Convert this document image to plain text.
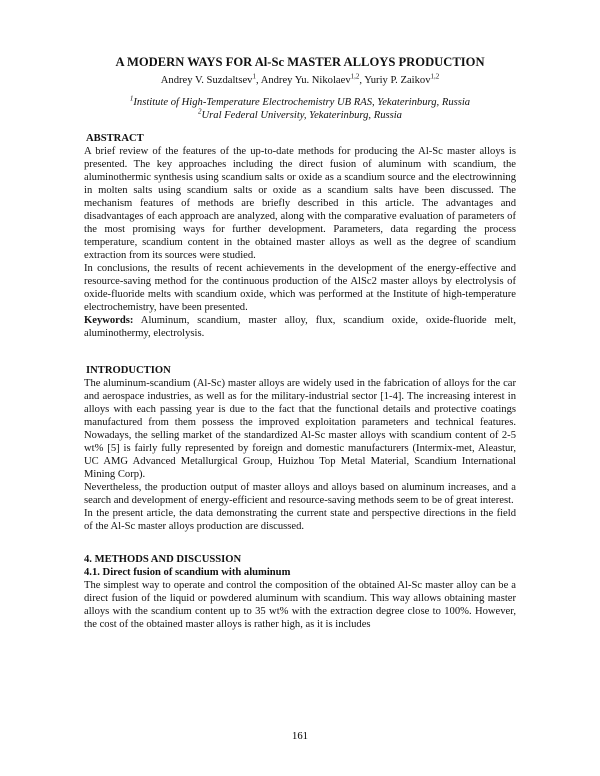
A MODERN WAYS FOR Al-Sc MASTER ALLOYS PRODUCTION
Andrey V. Suzdaltsev$^1$, Andrey Yu. Nikolaev$^{1,2}$, Yuriy P. Zaikov$^{1,2}$
$^1$Institute of High-Temperature Electrochemistry UB RAS, Yekaterinburg, Russia
$^2$Ural Federal University, Yekaterinburg, Russia
ABSTRACT

A brief review of the features of the up-to-date methods for producing the Al-Sc master alloys is presented. The key approaches including the direct fusion of aluminum with scandium, the aluminothermic synthesis using scandium salts or oxide as a scandium source and the electrowinning in molten salts using scandium salts or oxide as a scandium salts have been discussed. The mechanism features of methods are briefly described in this article. The advantages and disadvantages of each approach are analyzed, along with the comparative evaluation of parameters of the most promising ways for further development. Parameters, data regarding the process temperature, scandium content in the obtained master alloys as well as the degree of scandium extraction from its sources were studied.

In conclusions, the results of recent achievements in the development of the energy-effective and resource-saving method for the continuous production of the AlSc2 master alloys by electrolysis of oxide-fluoride melts with scandium oxide, which was performed at the Institute of high-temperature electrochemistry, have been presented.

Keywords: Aluminum, scandium, master alloy, flux, scandium oxide, oxide-fluoride melt, aluminothermy, electrolysis.

INTRODUCTION

The aluminum-scandium (Al-Sc) master alloys are widely used in the fabrication of alloys for the car and aerospace industries, as well as for the military-industrial sector [1-4]. The increasing interest in alloys with each passing year is due to the fact that the functional details and protective coatings manufactured from them possess the improved exploitation parameters and technical features. Nowadays, the selling market of the standardized Al-Sc master alloys with scandium content of 2-5 wt% [5] is fairly fully represented by foreign and domestic manufacturers (Intermix-met, Aleastur, UC AMG Advanced Metallurgical Group, Huizhou Top Metal Material, Scandium International Mining Corp).

Nevertheless, the production output of master alloys and alloys based on aluminum increases, and a search and development of energy-efficient and resource-saving methods seem to be of great interest.

In the present article, the data demonstrating the current state and perspective directions in the field of the Al-Sc master alloys production are discussed.

4. METHODS AND DISCUSSION
4.1. Direct fusion of scandium with aluminum

The simplest way to operate and control the composition of the obtained Al-Sc master alloy can be a direct fusion of the liquid or powdered aluminum with scandium. This way allows obtaining master alloys with the scandium content up to 35 wt% with the extraction degree close to 100%. However, the cost of the obtained master alloys is rather high, as it is includes

161
